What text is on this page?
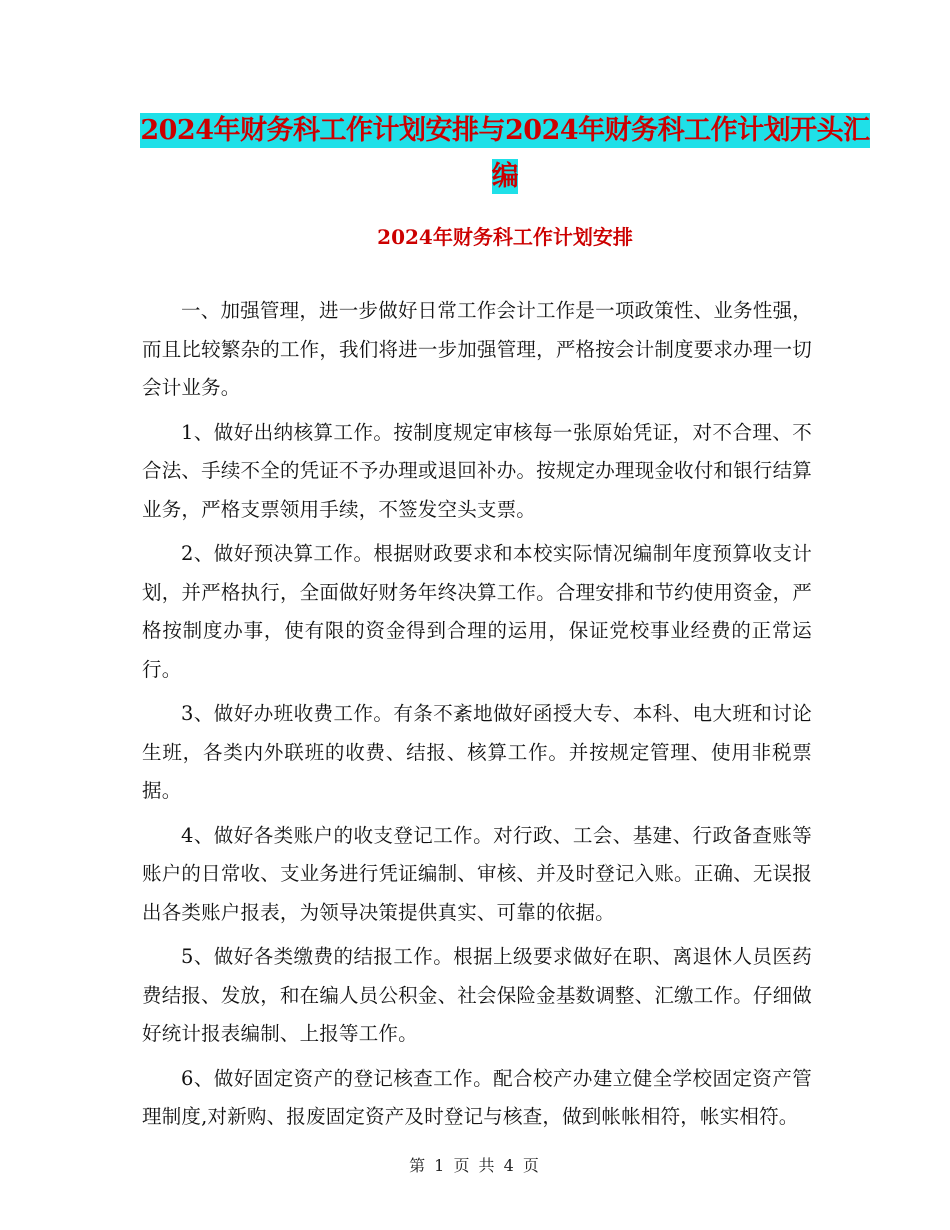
2024年财务科工作计划安排与2024年财务科工作计划开头汇编
2024年财务科工作计划安排

一、加强管理，进一步做好日常工作会计工作是一项政策性、业务性强，而且比较繁杂的工作，我们将进一步加强管理，严格按会计制度要求办理一切会计业务。

1、做好出纳核算工作。按制度规定审核每一张原始凭证，对不合理、不合法、手续不全的凭证不予办理或退回补办。按规定办理现金收付和银行结算业务，严格支票领用手续，不签发空头支票。

2、做好预决算工作。根据财政要求和本校实际情况编制年度预算收支计划，并严格执行，全面做好财务年终决算工作。合理安排和节约使用资金，严格按制度办事，使有限的资金得到合理的运用，保证党校事业经费的正常运行。

3、做好办班收费工作。有条不紊地做好函授大专、本科、电大班和讨论生班，各类内外联班的收费、结报、核算工作。并按规定管理、使用非税票据。

4、做好各类账户的收支登记工作。对行政、工会、基建、行政备查账等账户的日常收、支业务进行凭证编制、审核、并及时登记入账。正确、无误报出各类账户报表，为领导决策提供真实、可靠的依据。

5、做好各类缴费的结报工作。根据上级要求做好在职、离退休人员医药费结报、发放，和在编人员公积金、社会保险金基数调整、汇缴工作。仔细做好统计报表编制、上报等工作。

6、做好固定资产的登记核查工作。配合校产办建立健全学校固定资产管理制度,对新购、报废固定资产及时登记与核查，做到帐帐相符，帐实相符。

第 1 页 共 4 页
